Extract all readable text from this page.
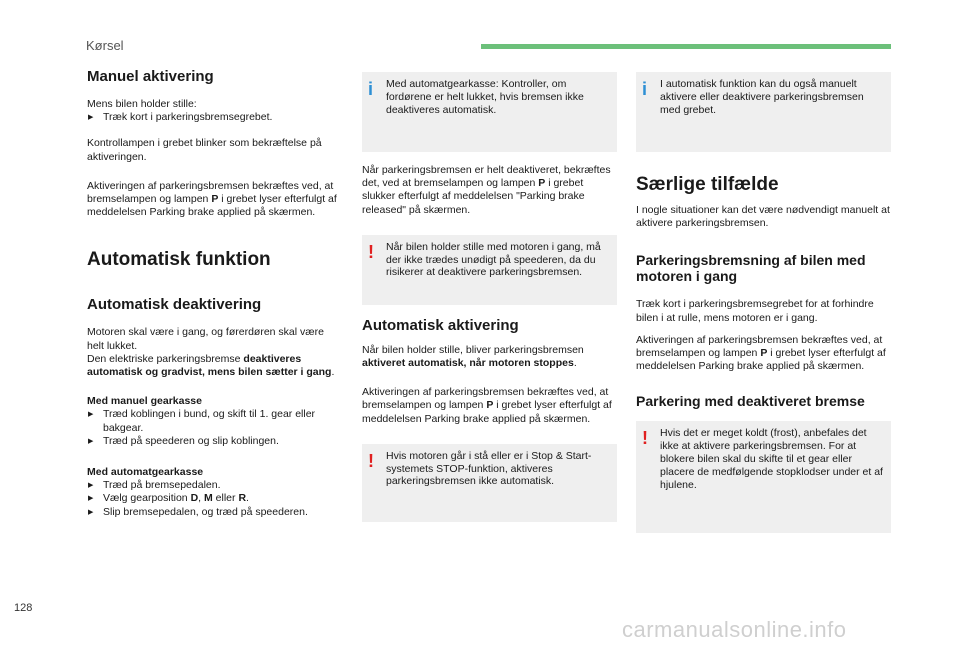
Kørsel
Manuel aktivering

Mens bilen holder stille:

▶ Træk kort i parkeringsbremsegrebet.

Kontrollampen i grebet blinker som bekræftelse på aktiveringen.

Aktiveringen af parkeringsbremsen bekræftes ved, at bremselampen og lampen P i grebet lyser efterfulgt af meddelelsen Parking brake applied på skærmen.

Automatisk funktion
Automatisk deaktivering

Motoren skal være i gang, og førerdøren skal være helt lukket.

Den elektriske parkeringsbremse deaktiveres automatisk og gradvist, mens bilen sætter i gang.

Med manuel gearkasse

▶ Træd koblingen i bund, og skift til 1. gear eller bakgear.

▶ Træd på speederen og slip koblingen.

Med automatgearkasse

▶ Træd på bremsepedalen.

▶ Vælg gearposition D, M eller R.

▶ Slip bremsepedalen, og træd på speederen.

i Med automatgearkasse: Kontroller, om fordørene er helt lukket, hvis bremsen ikke deaktiveres automatisk.

Når parkeringsbremsen er helt deaktiveret, bekræftes det, ved at bremselampen og lampen P i grebet slukker efterfulgt af meddelelsen "Parking brake released" på skærmen.

! Når bilen holder stille med motoren i gang, må der ikke trædes unødigt på speederen, da du risikerer at deaktivere parkeringsbremsen.

Automatisk aktivering

Når bilen holder stille, bliver parkeringsbremsen aktiveret automatisk, når motoren stoppes.

Aktiveringen af parkeringsbremsen bekræftes ved, at bremselampen og lampen P i grebet lyser efterfulgt af meddelelsen Parking brake applied på skærmen.

! Hvis motoren går i stå eller er i Stop & Start-systemets STOP-funktion, aktiveres parkeringsbremsen ikke automatisk.

i I automatisk funktion kan du også manuelt aktivere eller deaktivere parkeringsbremsen med grebet.

Særlige tilfælde

I nogle situationer kan det være nødvendigt manuelt at aktivere parkeringsbremsen.

Parkeringsbremsning af bilen med motoren i gang

Træk kort i parkeringsbremsegrebet for at forhindre bilen i at rulle, mens motoren er i gang.

Aktiveringen af parkeringsbremsen bekræftes ved, at bremselampen og lampen P i grebet lyser efterfulgt af meddelelsen Parking brake applied på skærmen.

Parkering med deaktiveret bremse
! Hvis det er meget koldt (frost), anbefales det ikke at aktivere parkeringsbremsen. For at blokere bilen skal du skifte til et gear eller placere de medfølgende stopklodser under et af hjulene.

128
carmanualsonline.info
